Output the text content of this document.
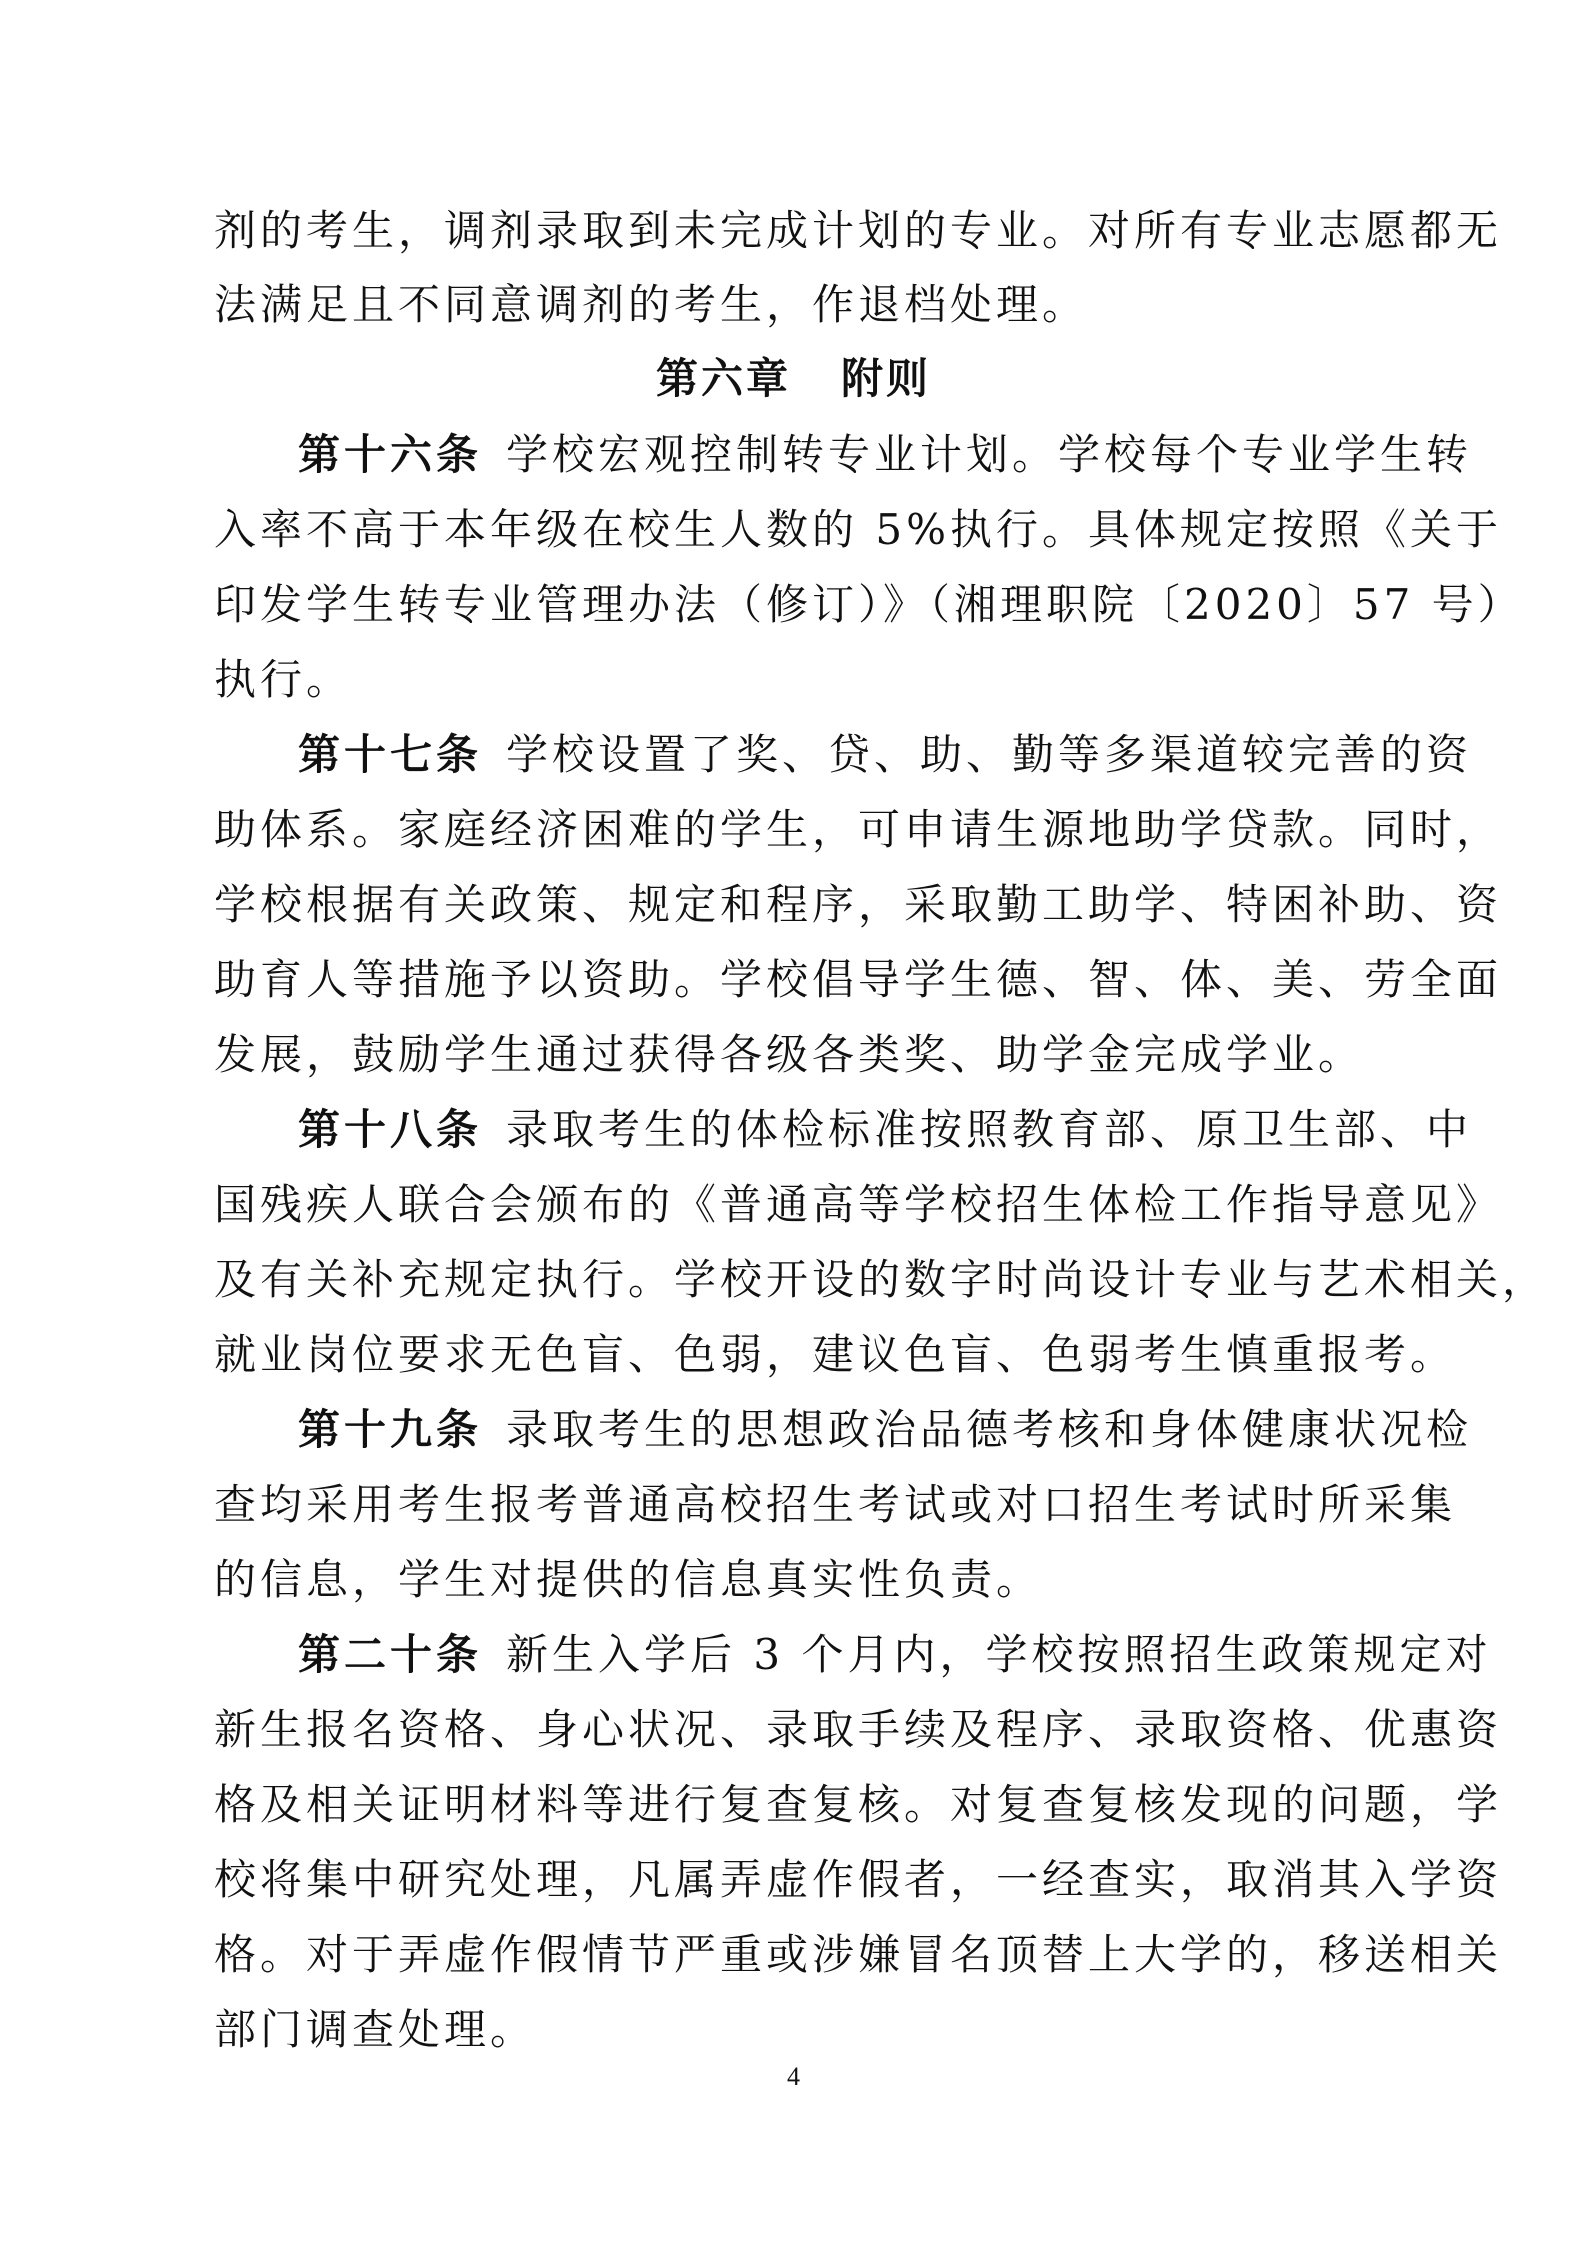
剂的考生，调剂录取到未完成计划的专业。对所有专业志愿都无
法满足且不同意调剂的考生，作退档处理。
第六章 附则
第十六条 学校宏观控制转专业计划。学校每个专业学生转
入率不高于本年级在校生人数的 5%执行。具体规定按照《关于
印发学生转专业管理办法（修订）》（湘理职院〔2020〕57 号）
执行。
第十七条 学校设置了奖、贷、助、勤等多渠道较完善的资
助体系。家庭经济困难的学生，可申请生源地助学贷款。同时，
学校根据有关政策、规定和程序，采取勤工助学、特困补助、资
助育人等措施予以资助。学校倡导学生德、智、体、美、劳全面
发展，鼓励学生通过获得各级各类奖、助学金完成学业。
第十八条 录取考生的体检标准按照教育部、原卫生部、中
国残疾人联合会颁布的《普通高等学校招生体检工作指导意见》
及有关补充规定执行。学校开设的数字时尚设计专业与艺术相关，
就业岗位要求无色盲、色弱，建议色盲、色弱考生慎重报考。
第十九条 录取考生的思想政治品德考核和身体健康状况检
查均采用考生报考普通高校招生考试或对口招生考试时所采集
的信息，学生对提供的信息真实性负责。
第二十条 新生入学后 3 个月内，学校按照招生政策规定对
新生报名资格、身心状况、录取手续及程序、录取资格、优惠资
格及相关证明材料等进行复查复核。对复查复核发现的问题，学
校将集中研究处理，凡属弄虚作假者，一经查实，取消其入学资
格。对于弄虚作假情节严重或涉嫌冒名顶替上大学的，移送相关
部门调查处理。
4
